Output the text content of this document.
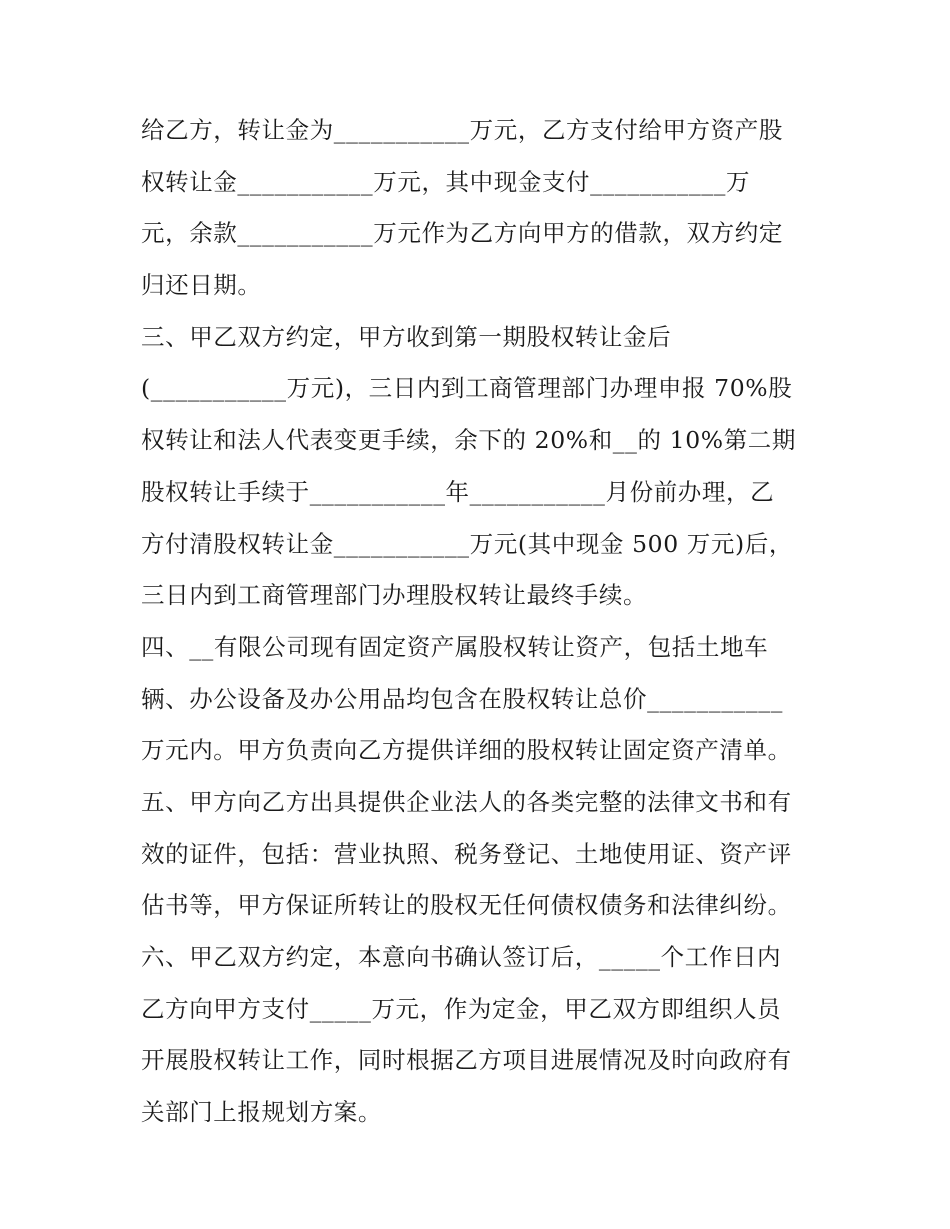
给乙方，转让金为___________万元，乙方支付给甲方资产股
权转让金___________万元，其中现金支付___________万
元，余款___________万元作为乙方向甲方的借款，双方约定
归还日期。
三、甲乙双方约定，甲方收到第一期股权转让金后
(___________万元)，三日内到工商管理部门办理申报 70%股
权转让和法人代表变更手续，余下的 20%和__的 10%第二期
股权转让手续于___________年___________月份前办理，乙
方付清股权转让金___________万元(其中现金 500 万元)后，
三日内到工商管理部门办理股权转让最终手续。
四、__有限公司现有固定资产属股权转让资产，包括土地车
辆、办公设备及办公用品均包含在股权转让总价___________
万元内。甲方负责向乙方提供详细的股权转让固定资产清单。
五、甲方向乙方出具提供企业法人的各类完整的法律文书和有
效的证件，包括：营业执照、税务登记、土地使用证、资产评
估书等，甲方保证所转让的股权无任何债权债务和法律纠纷。
六、甲乙双方约定，本意向书确认签订后，_____个工作日内
乙方向甲方支付_____万元，作为定金，甲乙双方即组织人员
开展股权转让工作，同时根据乙方项目进展情况及时向政府有
关部门上报规划方案。
